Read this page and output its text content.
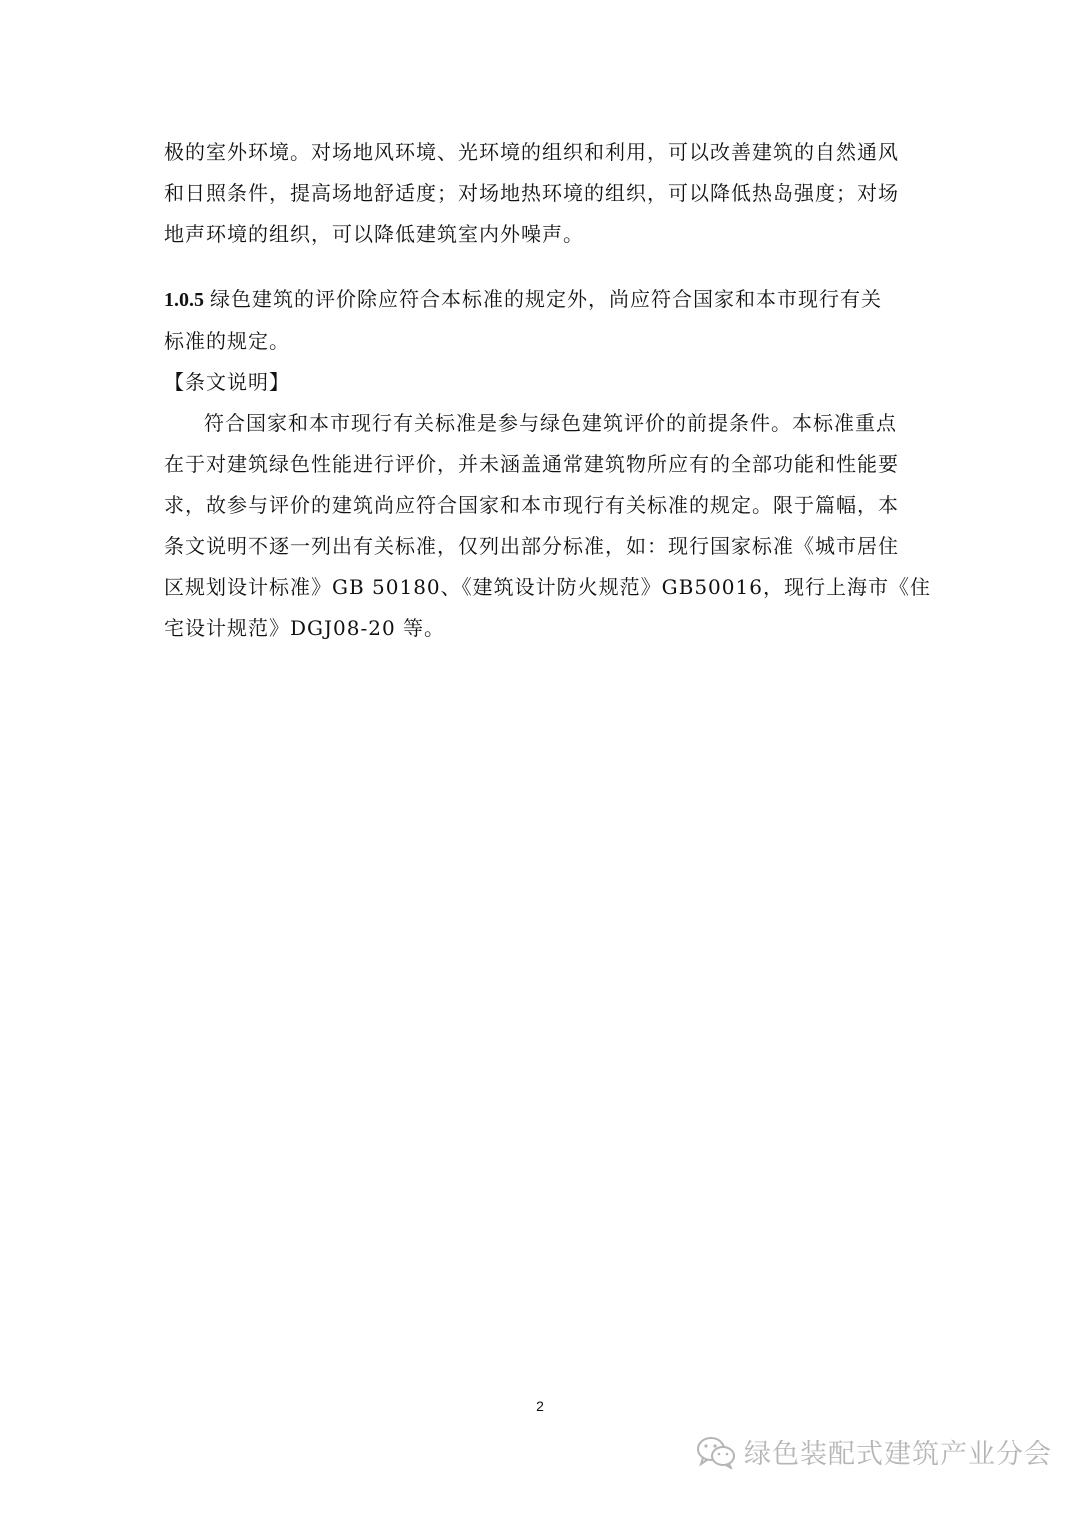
极的室外环境。对场地风环境、光环境的组织和利用，可以改善建筑的自然通风
和日照条件，提高场地舒适度；对场地热环境的组织，可以降低热岛强度；对场
地声环境的组织，可以降低建筑室内外噪声。

1.0.5 绿色建筑的评价除应符合本标准的规定外，尚应符合国家和本市现行有关
标准的规定。
【条文说明】

符合国家和本市现行有关标准是参与绿色建筑评价的前提条件。本标准重点
在于对建筑绿色性能进行评价，并未涵盖通常建筑物所应有的全部功能和性能要
求，故参与评价的建筑尚应符合国家和本市现行有关标准的规定。限于篇幅，本
条文说明不逐一列出有关标准，仅列出部分标准，如：现行国家标准《城市居住
区规划设计标准》GB 50180、《建筑设计防火规范》GB50016，现行上海市《住
宅设计规范》DGJ08-20 等。

2
绿色装配式建筑产业分会
